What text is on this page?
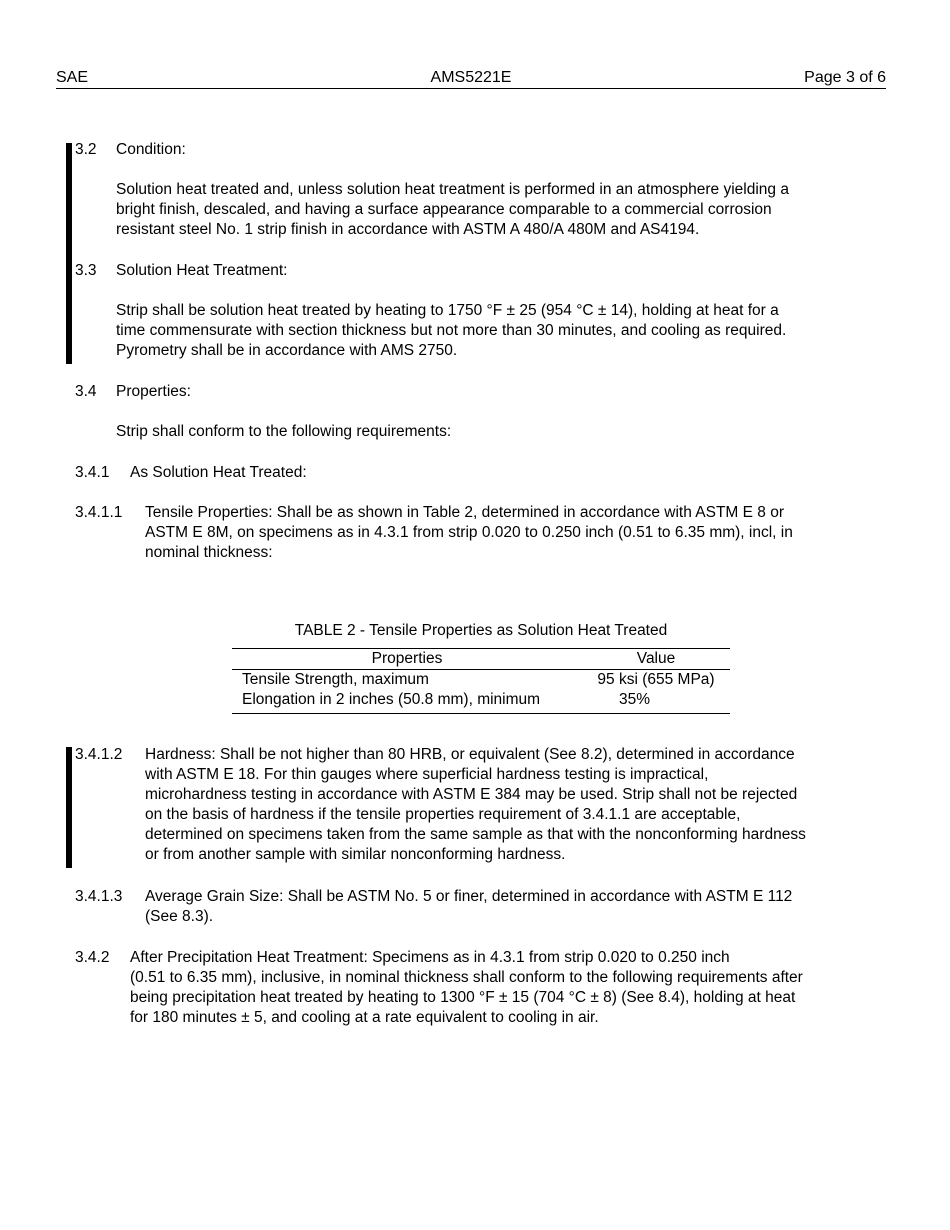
SAE	AMS5221E	Page 3 of 6
3.2 Condition:
Solution heat treated and, unless solution heat treatment is performed in an atmosphere yielding a
bright finish, descaled, and having a surface appearance comparable to a commercial corrosion
resistant steel No. 1 strip finish in accordance with ASTM A 480/A 480M and AS4194.
3.3 Solution Heat Treatment:
Strip shall be solution heat treated by heating to 1750 °F ± 25 (954 °C ± 14), holding at heat for a
time commensurate with section thickness but not more than 30 minutes, and cooling as required.
Pyrometry shall be in accordance with AMS 2750.
3.4 Properties:
Strip shall conform to the following requirements:
3.4.1 As Solution Heat Treated:
3.4.1.1 Tensile Properties: Shall be as shown in Table 2, determined in accordance with ASTM E 8 or
ASTM E 8M, on specimens as in 4.3.1 from strip 0.020 to 0.250 inch (0.51 to 6.35 mm), incl, in
nominal thickness:
TABLE 2 - Tensile Properties as Solution Heat Treated
Properties	Value
Tensile Strength, maximum	95 ksi (655 MPa)
Elongation in 2 inches (50.8 mm), minimum	35%
3.4.1.2 Hardness: Shall be not higher than 80 HRB, or equivalent (See 8.2), determined in accordance
with ASTM E 18. For thin gauges where superficial hardness testing is impractical,
microhardness testing in accordance with ASTM E 384 may be used. Strip shall not be rejected
on the basis of hardness if the tensile properties requirement of 3.4.1.1 are acceptable,
determined on specimens taken from the same sample as that with the nonconforming hardness
or from another sample with similar nonconforming hardness.
3.4.1.3 Average Grain Size: Shall be ASTM No. 5 or finer, determined in accordance with ASTM E 112
(See 8.3).
3.4.2 After Precipitation Heat Treatment: Specimens as in 4.3.1 from strip 0.020 to 0.250 inch
(0.51 to 6.35 mm), inclusive, in nominal thickness shall conform to the following requirements after
being precipitation heat treated by heating to 1300 °F ± 15 (704 °C ± 8) (See 8.4), holding at heat
for 180 minutes ± 5, and cooling at a rate equivalent to cooling in air.
